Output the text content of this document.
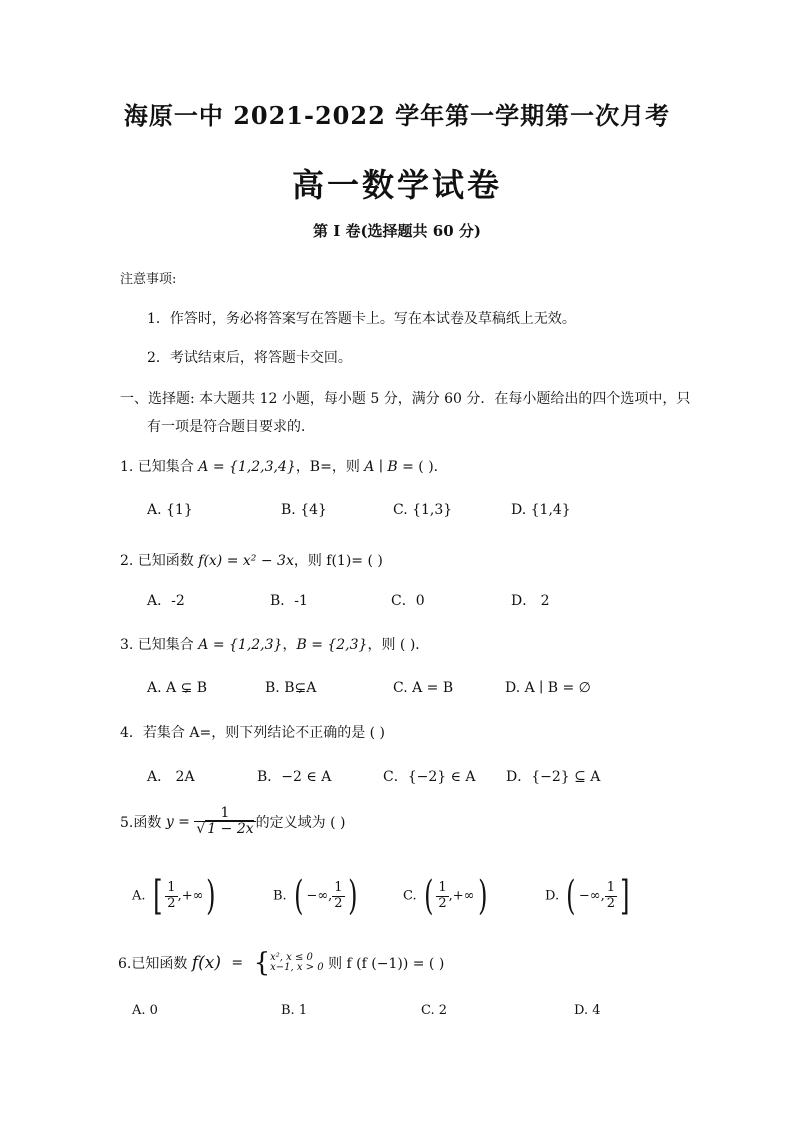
海原一中 2021-2022 学年第一学期第一次月考
高一数学试卷
第 I 卷(选择题共 60 分)
注意事项:
1．作答时，务必将答案写在答题卡上。写在本试卷及草稿纸上无效。
2．考试结束后，将答题卡交回。
一、选择题: 本大题共 12 小题，每小题 5 分，满分 60 分．在每小题给出的四个选项中，只
有一项是符合题目要求的．
1. 已知集合 A = {1,2,3,4}，B=，则 A ∣ B = ( )．
A. {1}	B. {4}	C. {1,3}	D. {1,4}
2. 已知函数 f(x) = x² − 3x，则 f(1)= ( )
A．-2	B．-1	C．0	D． 2
3. 已知集合 A = {1,2,3}，B = {2,3}，则 ( )．
A. A ⊊ B	B. B⊊A	C. A = B	D. A ∣ B = ∅
4．若集合 A=，则下列结论不正确的是 ( )
A． 2A	B．−2 ∈ A	C．{−2} ∈ A D．{−2} ⊆ A
5.函数 $y = \frac{1}{√ 1 - 2x}$ 的定义域为 ( )
A. [ $\frac{1}{2}$ ,+∞)	B. ( −∞, $\frac{1}{2}$ )	C. ( $\frac{1}{2}$ ,+∞)	D. ( −∞, $\frac{1}{2}$ ]
6.已知函数 f(x) = { x², x ≤ 0
x−1, x > 0 则 f (f (−1)) = ( )
A. 0	B. 1	C. 2	D. 4
